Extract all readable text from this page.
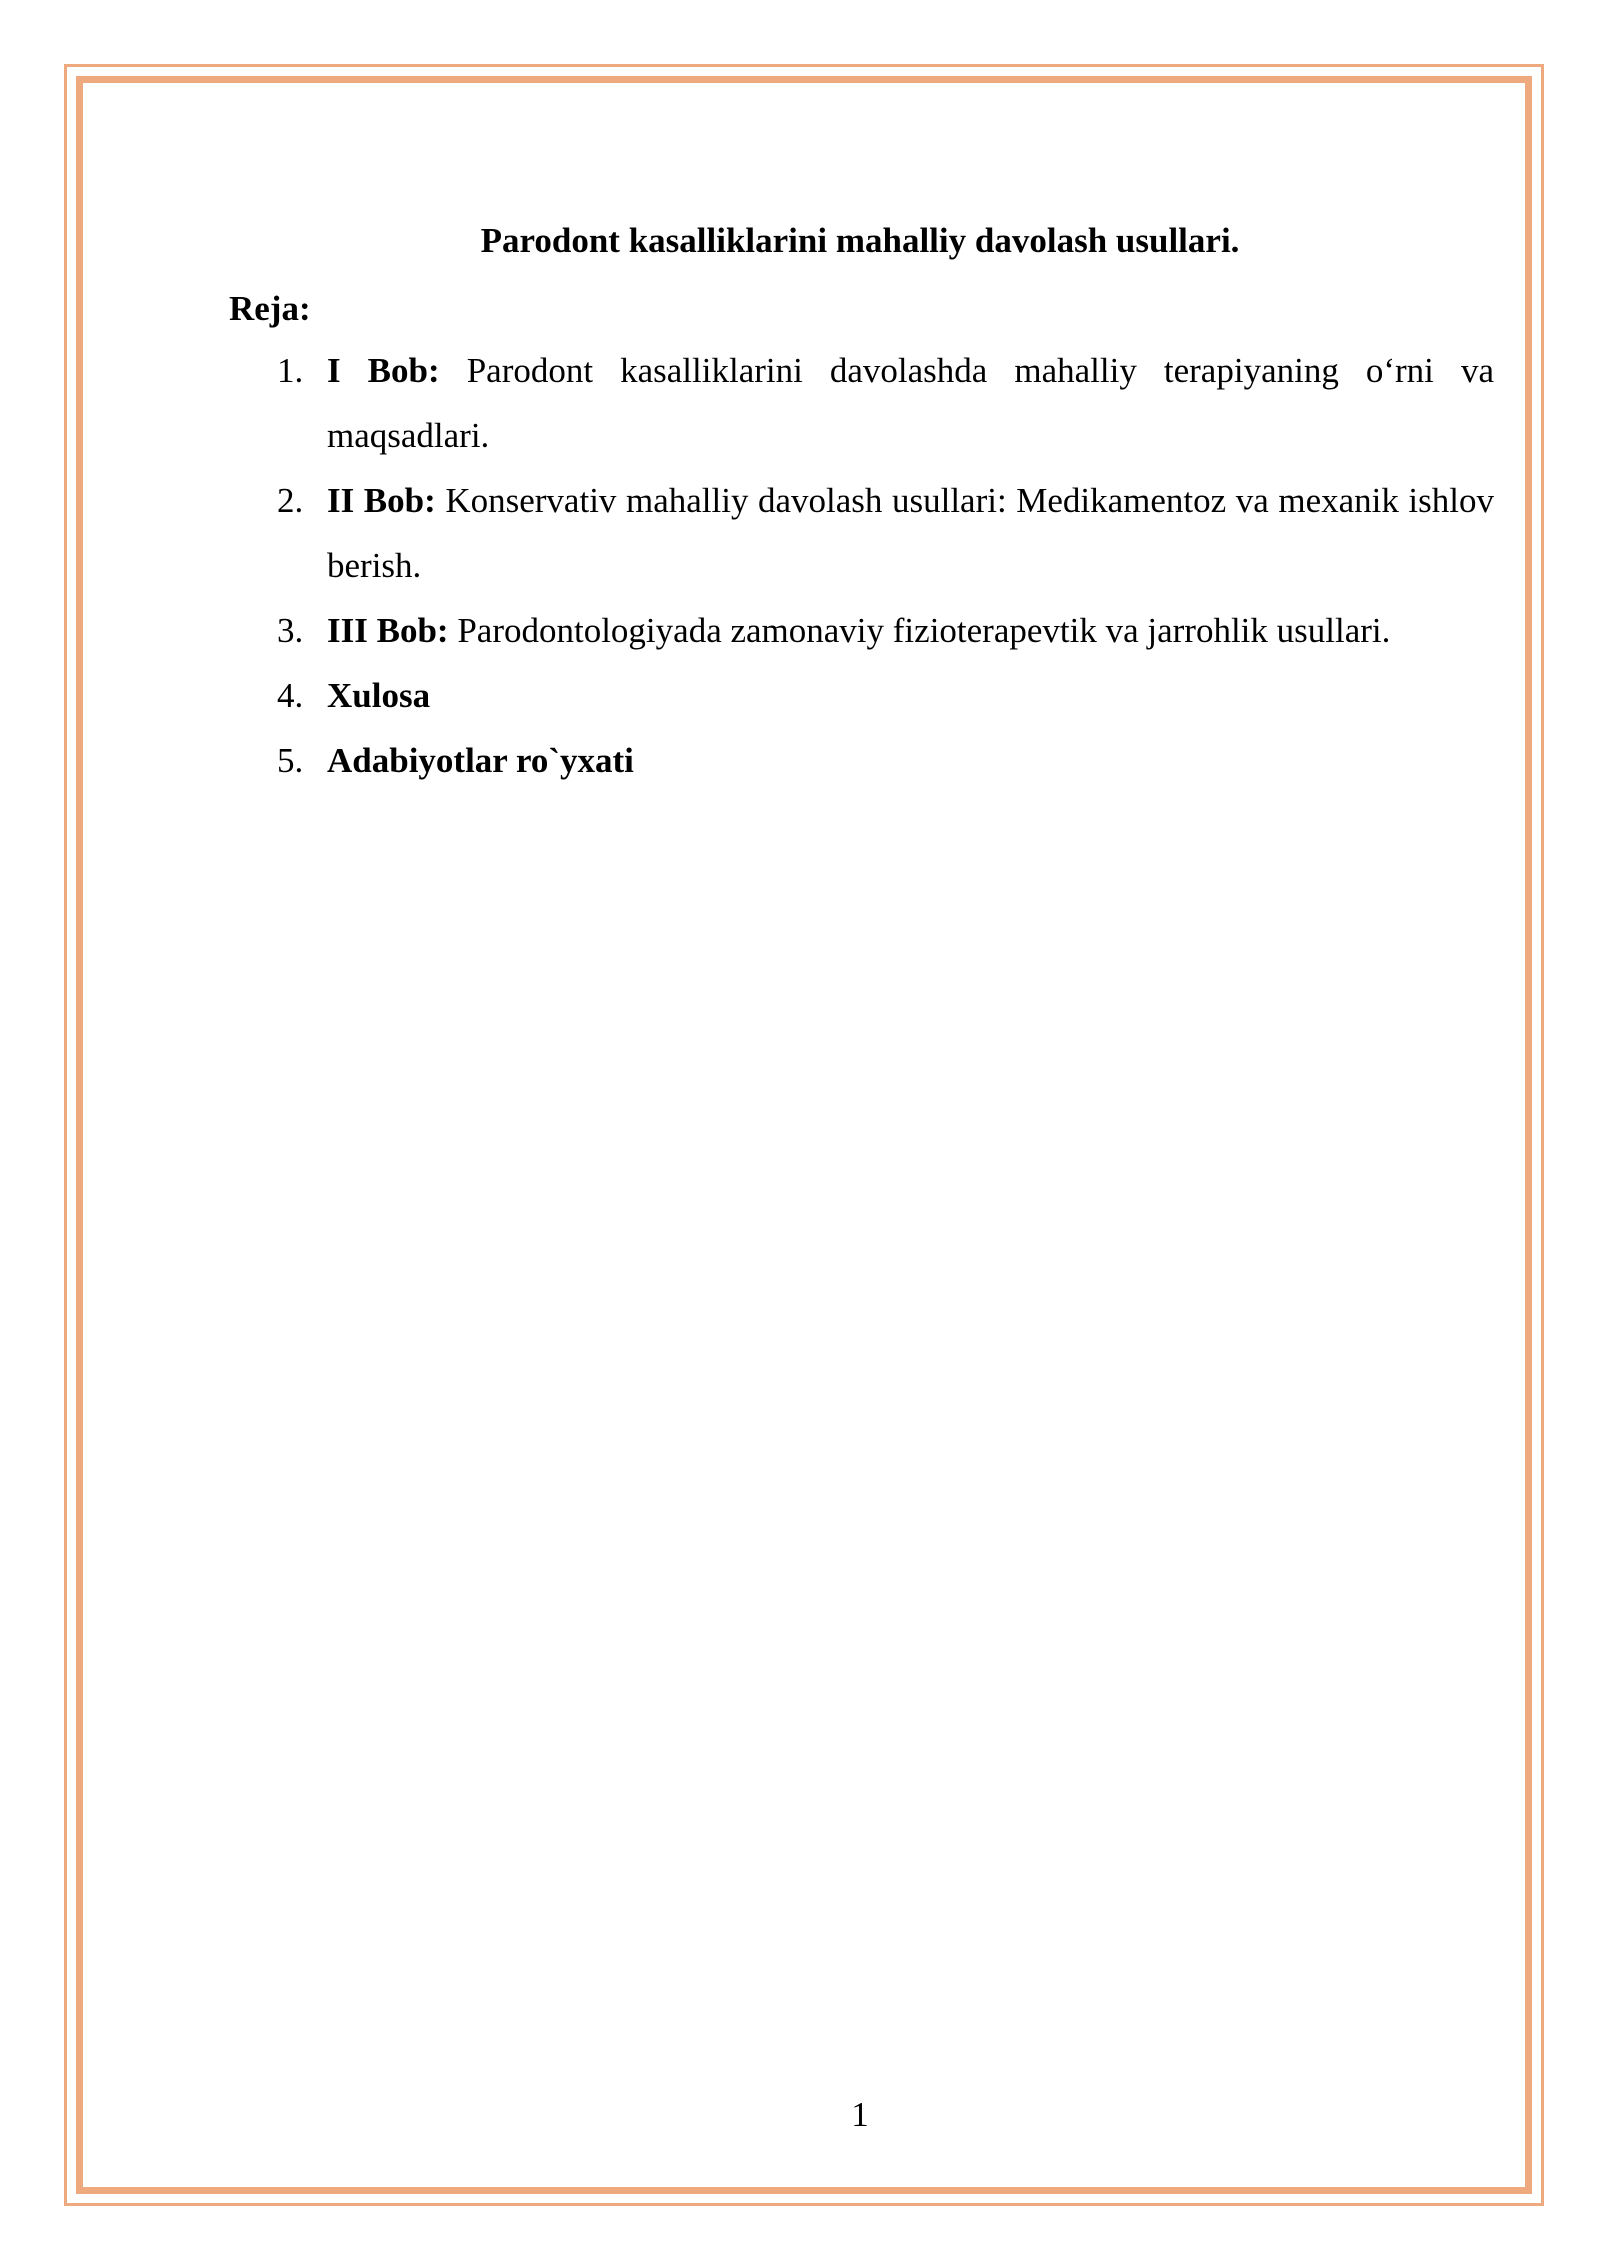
Parodont kasalliklarini mahalliy davolash usullari.

Reja:

1. I Bob: Parodont kasalliklarini davolashda mahalliy terapiyaning o‘rni va maqsadlari.
2. II Bob: Konservativ mahalliy davolash usullari: Medikamentoz va mexanik ishlov berish.
3. III Bob: Parodontologiyada zamonaviy fizioterapevtik va jarrohlik usullari.
4. Xulosa
5. Adabiyotlar ro`yxati

1
